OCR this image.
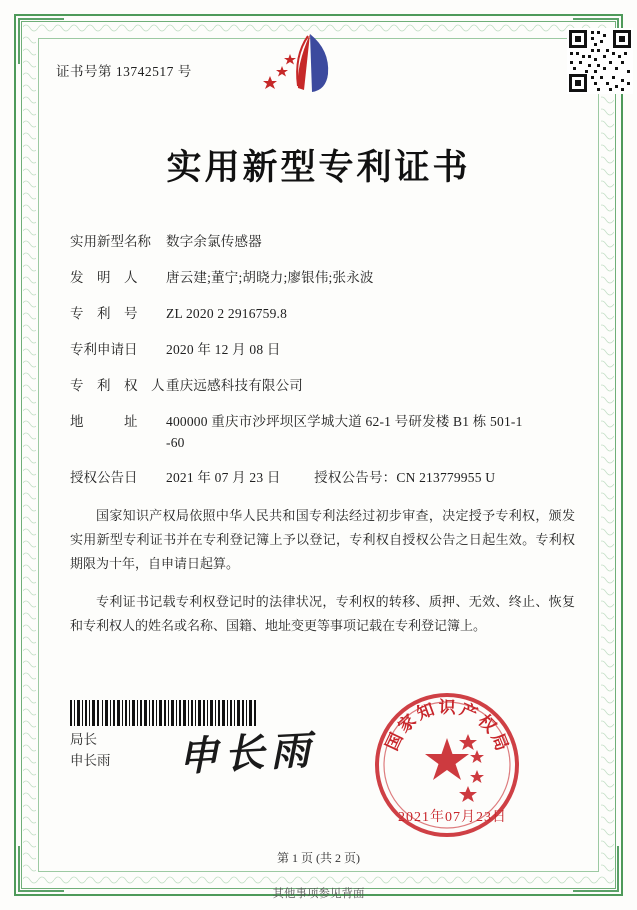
证书号第 13742517 号
实用新型专利证书
实用新型名称	数字余氯传感器
发　明　人	唐云建;董宁;胡晓力;廖银伟;张永波
专　利　号	ZL 2020 2 2916759.8
专利申请日	2020 年 12 月 08 日
专　利　权　人 重庆远感科技有限公司
地　　　址	400000 重庆市沙坪坝区学城大道 62-1 号研发楼 B1 栋 501-1
-60
授权公告日	2021 年 07 月 23 日 授权公告号：CN 213779955 U

国家知识产权局依照中华人民共和国专利法经过初步审查，决定授予专利权，颁发实用新型专利证书并在专利登记簿上予以登记，专利权自授权公告之日起生效。专利权期限为十年，自申请日起算。

专利证书记载专利权登记时的法律状况，专利权的转移、质押、无效、终止、恢复和专利权人的姓名或名称、国籍、地址变更等事项记载在专利登记簿上。

局长
申长雨 申长雨	国家知识产权局
2021年07月23日
第 1 页 (共 2 页)
其他事项参见背面
